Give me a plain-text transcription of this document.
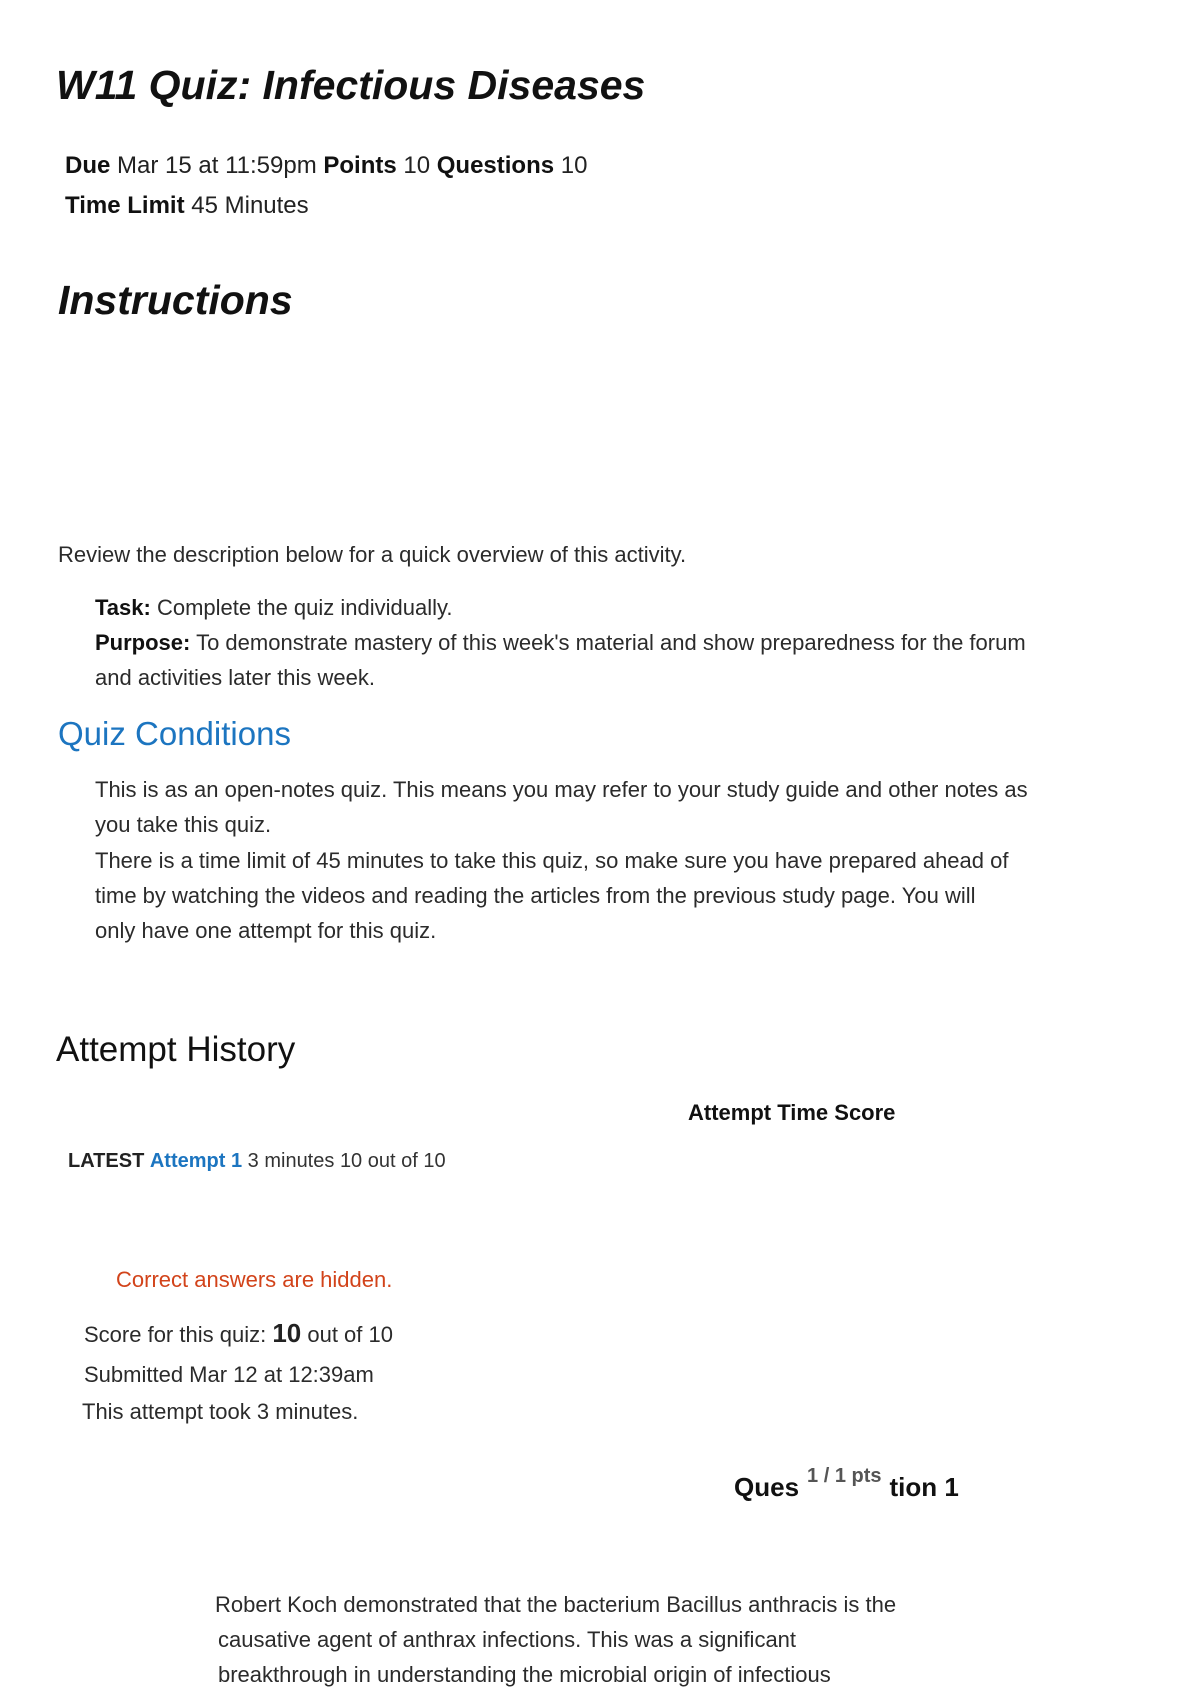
W11 Quiz: Infectious Diseases
Due Mar 15 at 11:59pm Points 10 Questions 10
Time Limit 45 Minutes
Instructions
Review the description below for a quick overview of this activity.
Task: Complete the quiz individually.
Purpose: To demonstrate mastery of this week's material and show preparedness for the forum
and activities later this week.
Quiz Conditions
This is as an open-notes quiz. This means you may refer to your study guide and other notes as
you take this quiz.
There is a time limit of 45 minutes to take this quiz, so make sure you have prepared ahead of
time by watching the videos and reading the articles from the previous study page. You will
only have one attempt for this quiz.
Attempt History
Attempt Time Score
LATEST Attempt 1 3 minutes 10 out of 10
Correct answers are hidden.
Score for this quiz: 10 out of 10
Submitted Mar 12 at 12:39am
This attempt took 3 minutes.
Ques $^{1 / 1 pts}$ tion 1
Robert Koch demonstrated that the bacterium Bacillus anthracis is the
causative agent of anthrax infections. This was a significant
breakthrough in understanding the microbial origin of infectious
